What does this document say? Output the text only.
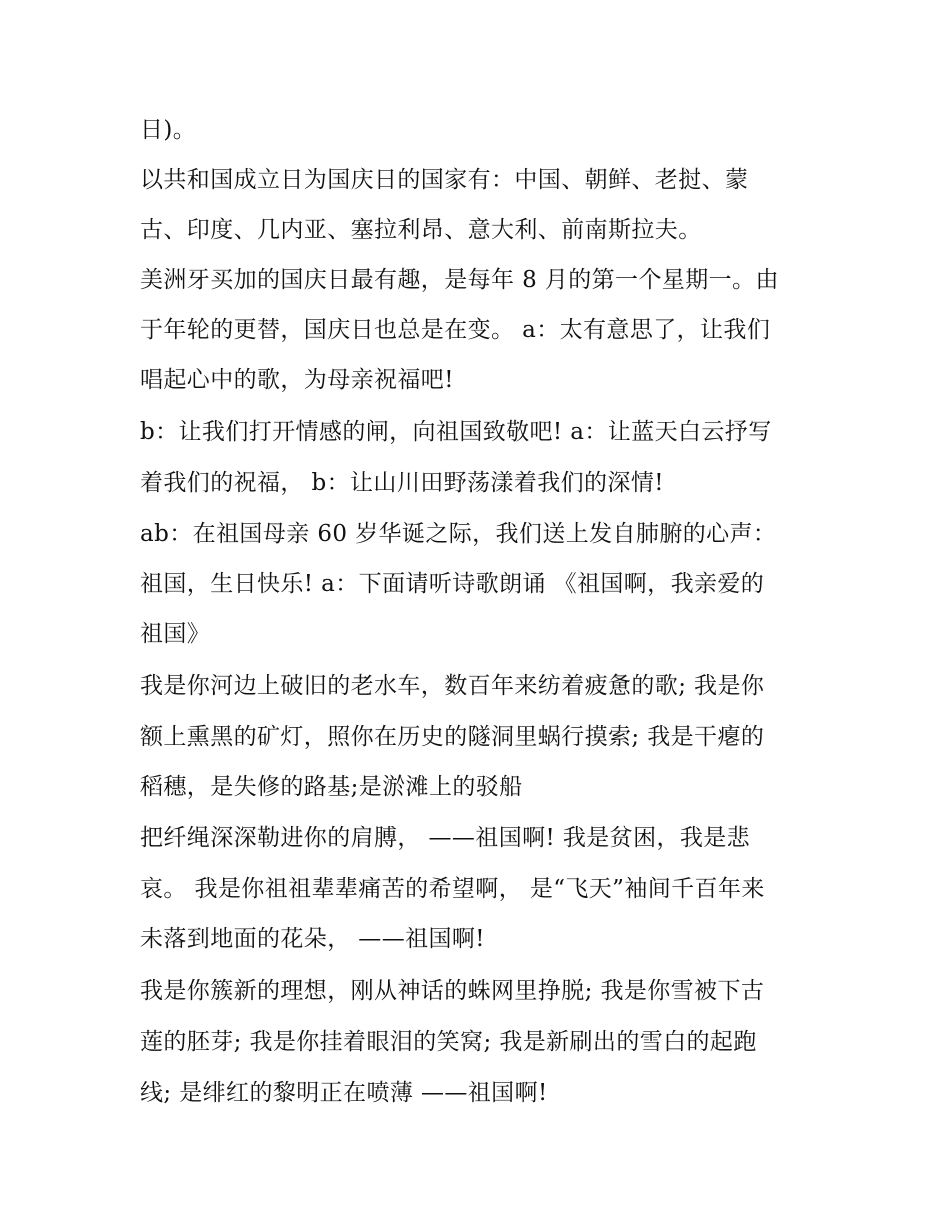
日)。
以共和国成立日为国庆日的国家有：中国、朝鲜、老挝、蒙
古、印度、几内亚、塞拉利昂、意大利、前南斯拉夫。
美洲牙买加的国庆日最有趣，是每年 8 月的第一个星期一。由
于年轮的更替，国庆日也总是在变。 a：太有意思了，让我们
唱起心中的歌，为母亲祝福吧!
b：让我们打开情感的闸，向祖国致敬吧! a：让蓝天白云抒写
着我们的祝福， b：让山川田野荡漾着我们的深情!
ab：在祖国母亲 60 岁华诞之际，我们送上发自肺腑的心声：
祖国，生日快乐! a：下面请听诗歌朗诵 《祖国啊，我亲爱的
祖国》
我是你河边上破旧的老水车，数百年来纺着疲惫的歌; 我是你
额上熏黑的矿灯，照你在历史的隧洞里蜗行摸索; 我是干瘪的
稻穗，是失修的路基;是淤滩上的驳船
把纤绳深深勒进你的肩膊， ——祖国啊! 我是贫困，我是悲
哀。 我是你祖祖辈辈痛苦的希望啊， 是“飞天”袖间千百年来
未落到地面的花朵， ——祖国啊!
我是你簇新的理想，刚从神话的蛛网里挣脱; 我是你雪被下古
莲的胚芽; 我是你挂着眼泪的笑窝; 我是新刷出的雪白的起跑
线; 是绯红的黎明正在喷薄 ——祖国啊!
